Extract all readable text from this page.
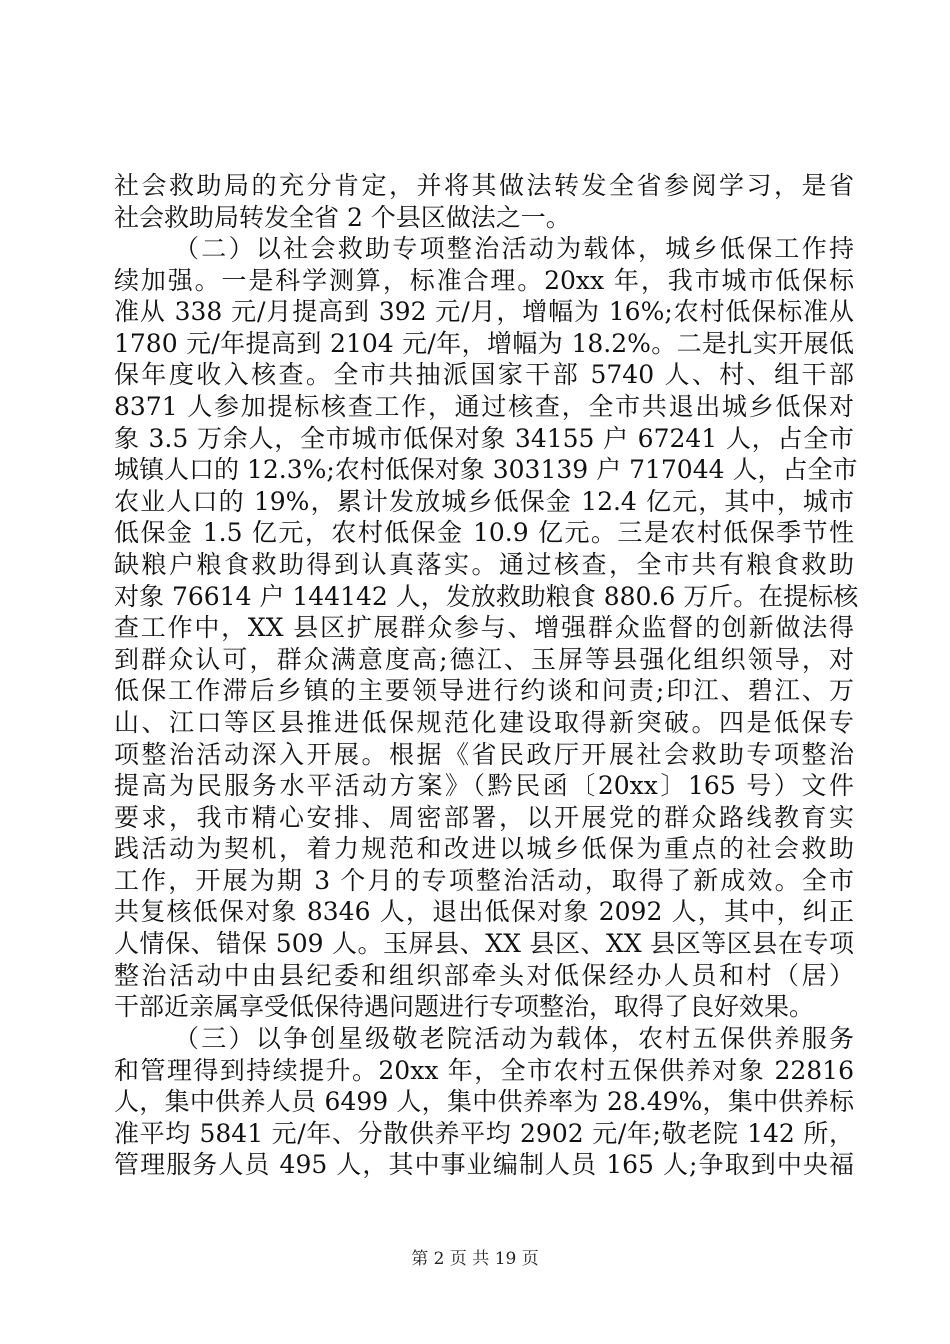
社会救助局的充分肯定，并将其做法转发全省参阅学习，是省
社会救助局转发全省 2 个县区做法之一。
（二）以社会救助专项整治活动为载体，城乡低保工作持
续加强。一是科学测算，标准合理。20xx 年，我市城市低保标
准从 338 元/月提高到 392 元/月，增幅为 16%;农村低保标准从
1780 元/年提高到 2104 元/年，增幅为 18.2%。二是扎实开展低
保年度收入核查。全市共抽派国家干部 5740 人、村、组干部
8371 人参加提标核查工作，通过核查，全市共退出城乡低保对
象 3.5 万余人，全市城市低保对象 34155 户 67241 人，占全市
城镇人口的 12.3%;农村低保对象 303139 户 717044 人，占全市
农业人口的 19%，累计发放城乡低保金 12.4 亿元，其中，城市
低保金 1.5 亿元，农村低保金 10.9 亿元。三是农村低保季节性
缺粮户粮食救助得到认真落实。通过核查，全市共有粮食救助
对象 76614 户 144142 人，发放救助粮食 880.6 万斤。在提标核
查工作中，XX 县区扩展群众参与、增强群众监督的创新做法得
到群众认可，群众满意度高;德江、玉屏等县强化组织领导，对
低保工作滞后乡镇的主要领导进行约谈和问责;印江、碧江、万
山、江口等区县推进低保规范化建设取得新突破。四是低保专
项整治活动深入开展。根据《省民政厅开展社会救助专项整治
提高为民服务水平活动方案》（黔民函〔20xx〕165 号）文件
要求，我市精心安排、周密部署，以开展党的群众路线教育实
践活动为契机，着力规范和改进以城乡低保为重点的社会救助
工作，开展为期 3 个月的专项整治活动，取得了新成效。全市
共复核低保对象 8346 人，退出低保对象 2092 人，其中，纠正
人情保、错保 509 人。玉屏县、XX 县区、XX 县区等区县在专项
整治活动中由县纪委和组织部牵头对低保经办人员和村（居）
干部近亲属享受低保待遇问题进行专项整治，取得了良好效果。
（三）以争创星级敬老院活动为载体，农村五保供养服务
和管理得到持续提升。20xx 年，全市农村五保供养对象 22816
人，集中供养人员 6499 人，集中供养率为 28.49%，集中供养标
准平均 5841 元/年、分散供养平均 2902 元/年;敬老院 142 所，
管理服务人员 495 人，其中事业编制人员 165 人;争取到中央福
第 2 页 共 19 页
